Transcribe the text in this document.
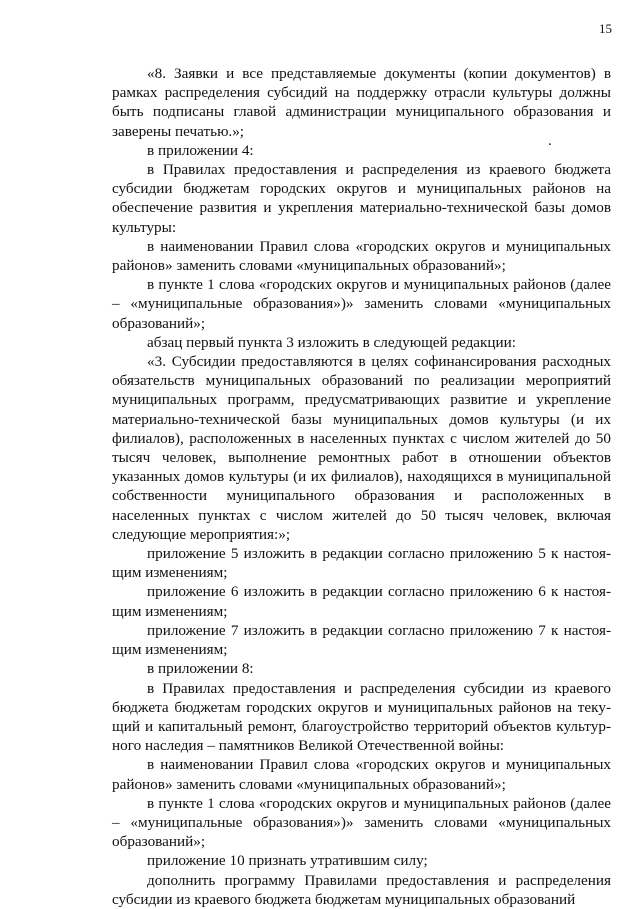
15
.

«8. Заявки и все представляемые документы (копии документов) в рамках распределения субсидий на поддержку отрасли культуры должны быть подписаны главой администрации муниципального образования и заверены печатью.»;

в приложении 4:

в Правилах предоставления и распределения из краевого бюджета субсидии бюджетам городских округов и муниципальных районов на обеспечение развития и укрепления материально-технической базы домов культуры:

в наименовании Правил слова «городских округов и муниципальных районов» заменить словами «муниципальных образований»;

в пункте 1 слова «городских округов и муниципальных районов (далее – «муниципальные образования»)» заменить словами «муниципальных образований»;

абзац первый пункта 3 изложить в следующей редакции:

«3. Субсидии предоставляются в целях софинансирования расходных обязательств муниципальных образований по реализации мероприятий муниципальных программ, предусматривающих развитие и укрепление материально-технической базы муниципальных домов культуры (и их филиалов), расположенных в населенных пунктах с числом жителей до 50 тысяч человек, выполнение ремонтных работ в отношении объектов указанных домов культуры (и их филиалов), находящихся в муниципальной собственности муниципального образования и расположенных в населенных пунктах с числом жителей до 50 тысяч человек, включая следующие мероприятия:»;

приложение 5 изложить в редакции согласно приложению 5 к настоящим изменениям;

приложение 6 изложить в редакции согласно приложению 6 к настоящим изменениям;

приложение 7 изложить в редакции согласно приложению 7 к настоящим изменениям;

в приложении 8:

в Правилах предоставления и распределения субсидии из краевого бюджета бюджетам городских округов и муниципальных районов на текущий и капитальный ремонт, благоустройство территорий объектов культурного наследия – памятников Великой Отечественной войны:

в наименовании Правил слова «городских округов и муниципальных районов» заменить словами «муниципальных образований»;

в пункте 1 слова «городских округов и муниципальных районов (далее – «муниципальные образования»)» заменить словами «муниципальных образований»;

приложение 10 признать утратившим силу;

дополнить программу Правилами предоставления и распределения субсидии из краевого бюджета бюджетам муниципальных образований
